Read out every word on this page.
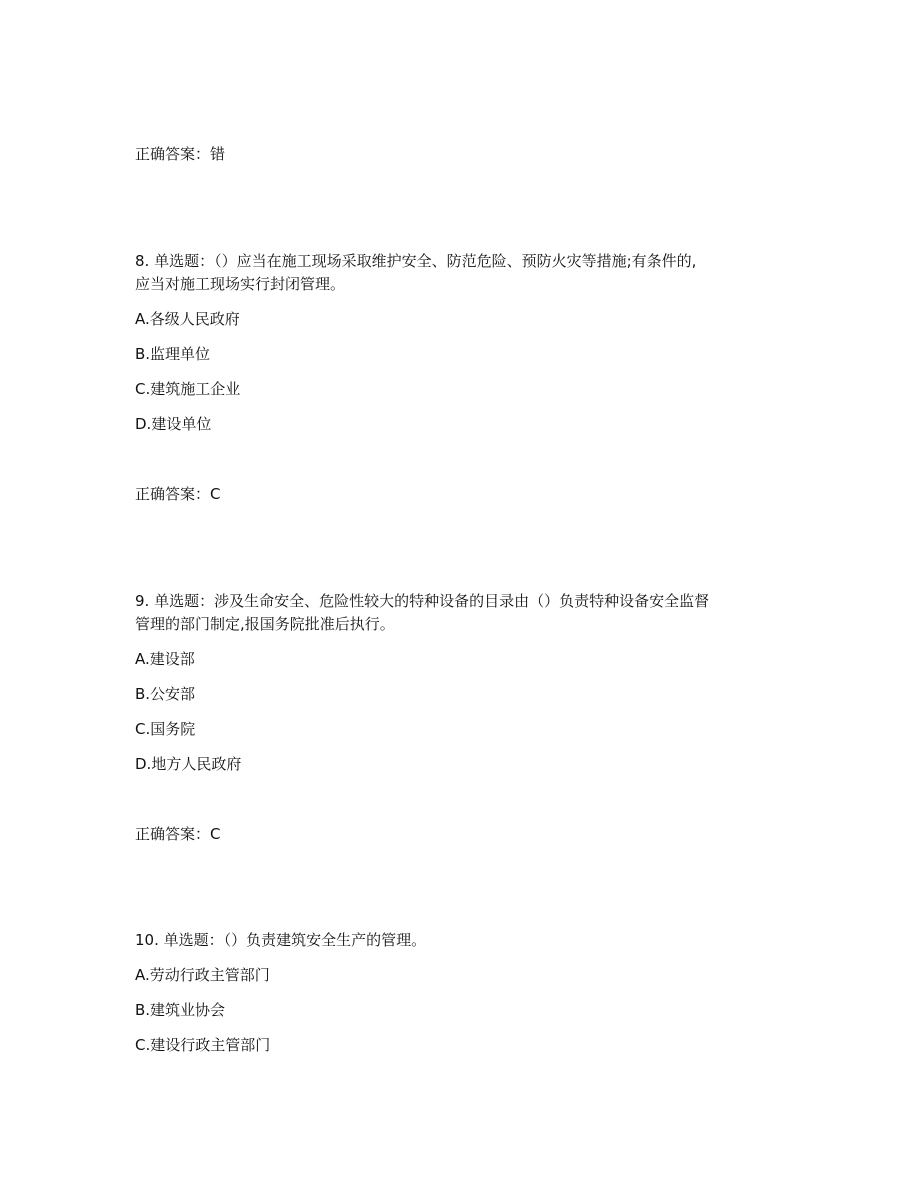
正确答案：错
8. 单选题：（）应当在施工现场采取维护安全、防范危险、预防火灾等措施;有条件的,
应当对施工现场实行封闭管理。
A.各级人民政府
B.监理单位
C.建筑施工企业
D.建设单位
正确答案：C
9. 单选题：涉及生命安全、危险性较大的特种设备的目录由（）负责特种设备安全监督
管理的部门制定,报国务院批准后执行。
A.建设部
B.公安部
C.国务院
D.地方人民政府
正确答案：C
10. 单选题：（）负责建筑安全生产的管理。
A.劳动行政主管部门
B.建筑业协会
C.建设行政主管部门
